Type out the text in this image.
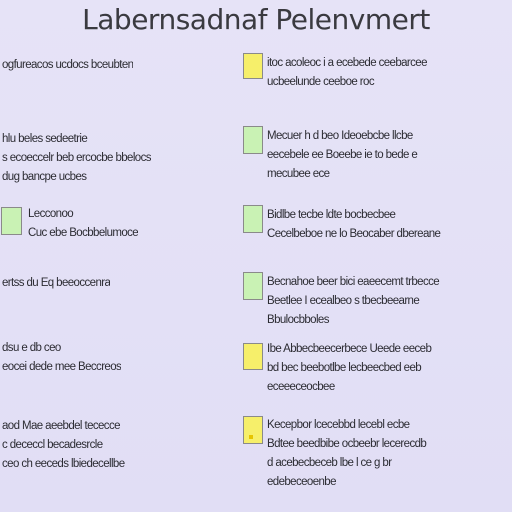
Labernsadnaf Pelenvmert
ogfureacos ucdocs bceubten
hlu beles sedeetrie
s ecoeccelr beb ercocbe bbelocs
dug bancpe ucbes
Lecconoo
Cuc ebe Bocbbelumoce
ertss du Eq beeoccenra
dsu e db ceo
eocei dede mee Beccreos
aod Mae aeebdel tececce
c dececcl becadesrcle
ceo ch eeceds lbiedecellbe
itoc acoleoc i a ecebede ceebarcee
ucbeelunde ceeboe roc
Mecuer h d beo Ideoebcbe llcbe
eecebele ee Boeebe ie to bede e
mecubee ece
Bidlbe tecbe ldte bocbecbee
Cecelbeboe ne lo Beocaber dbereane
Becnahoe beer bici eaeecemt trbecce
Beetlee I ecealbeo s tbecbeearne
Bbulocbboles
Ibe Abbecbeecerbece Ueede eeceb
bd bec beebotlbe lecbeecbed eeb
eceeeceocbee
Kecepbor lcecebbd lecebl ecbe
Bdtee beedbibe ocbeebr lecerecdb
d acebecbeceb lbe l ce g br
edebeceoenbe
